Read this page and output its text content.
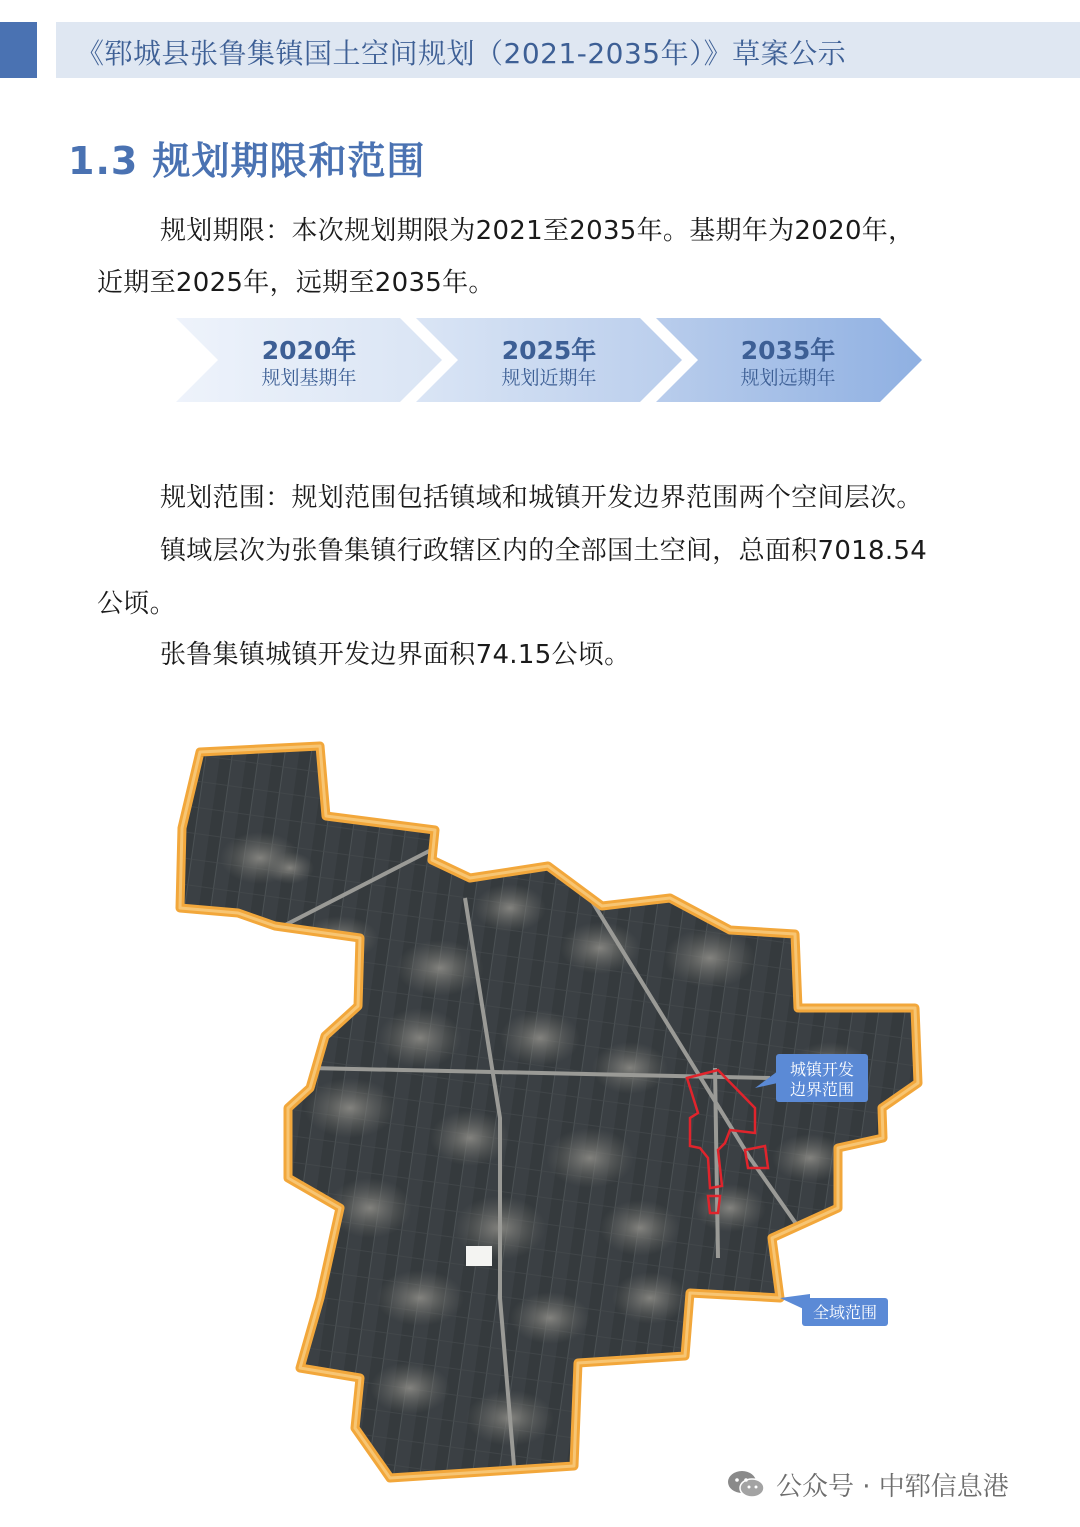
《郓城县张鲁集镇国土空间规划（2021-2035年）》草案公示
1.3 规划期限和范围
规划期限：本次规划期限为2021至2035年。基期年为2020年，
近期至2025年，远期至2035年。
2020年
规划基期年
2025年
规划近期年
2035年
规划远期年
规划范围：规划范围包括镇域和城镇开发边界范围两个空间层次。
镇域层次为张鲁集镇行政辖区内的全部国土空间，总面积7018.54
公顷。
张鲁集镇城镇开发边界面积74.15公顷。
城镇开发
边界范围
全域范围
公众号 · 中郓信息港
